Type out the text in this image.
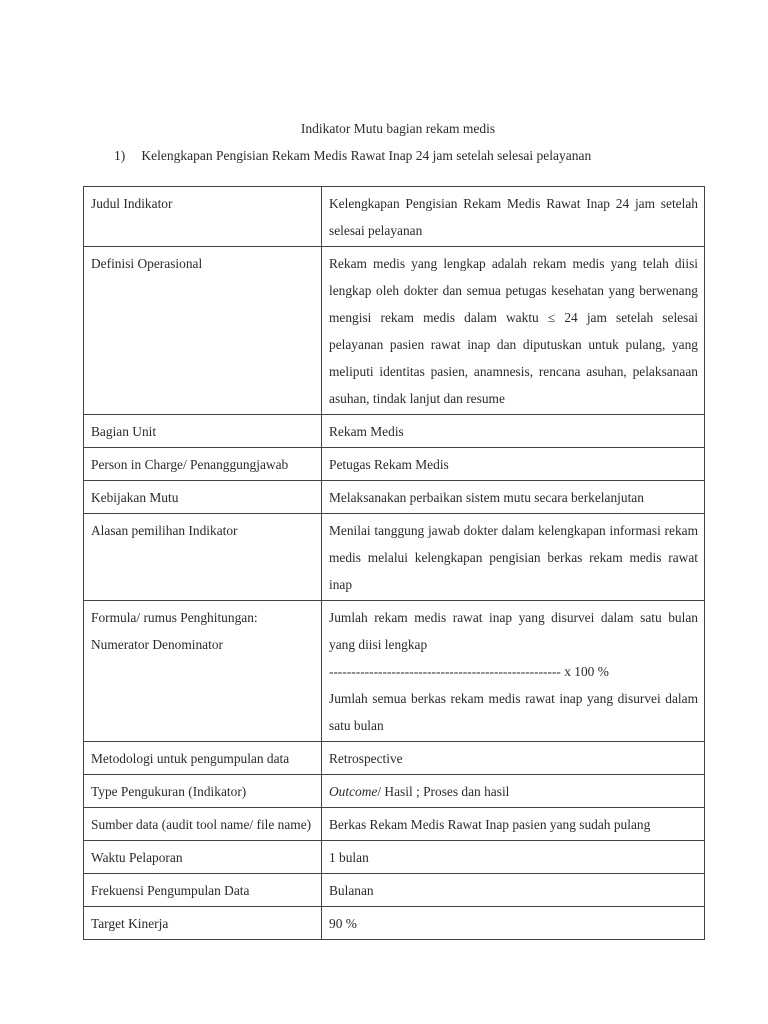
Indikator Mutu bagian rekam medis
1) Kelengkapan Pengisian Rekam Medis Rawat Inap 24 jam setelah selesai pelayanan
Judul Indikator	Kelengkapan Pengisian Rekam Medis Rawat Inap 24 jam setelah selesai pelayanan
Definisi Operasional	Rekam medis yang lengkap adalah rekam medis yang telah diisi lengkap oleh dokter dan semua petugas kesehatan yang berwenang mengisi rekam medis dalam waktu ≤ 24 jam setelah selesai pelayanan pasien rawat inap dan diputuskan untuk pulang, yang meliputi identitas pasien, anamnesis, rencana asuhan, pelaksanaan asuhan, tindak lanjut dan resume
Bagian Unit	Rekam Medis
Person in Charge/ Penanggungjawab	Petugas Rekam Medis
Kebijakan Mutu	Melaksanakan perbaikan sistem mutu secara berkelanjutan
Alasan pemilihan Indikator	Menilai tanggung jawab dokter dalam kelengkapan informasi rekam medis melalui kelengkapan pengisian berkas rekam medis rawat inap

Formula/ rumus Penghitungan:
Numerator Denominator	Jumlah rekam medis rawat inap yang disurvei dalam satu bulan yang diisi lengkap
---------------------------------------------------- x 100 %
Jumlah semua berkas rekam medis rawat inap yang disurvei dalam satu bulan

Metodologi untuk pengumpulan data	Retrospective
Type Pengukuran (Indikator)	Outcome/ Hasil ; Proses dan hasil
Sumber data (audit tool name/ file name)	Berkas Rekam Medis Rawat Inap pasien yang sudah pulang
Waktu Pelaporan	1 bulan
Frekuensi Pengumpulan Data	Bulanan
Target Kinerja	90 %
